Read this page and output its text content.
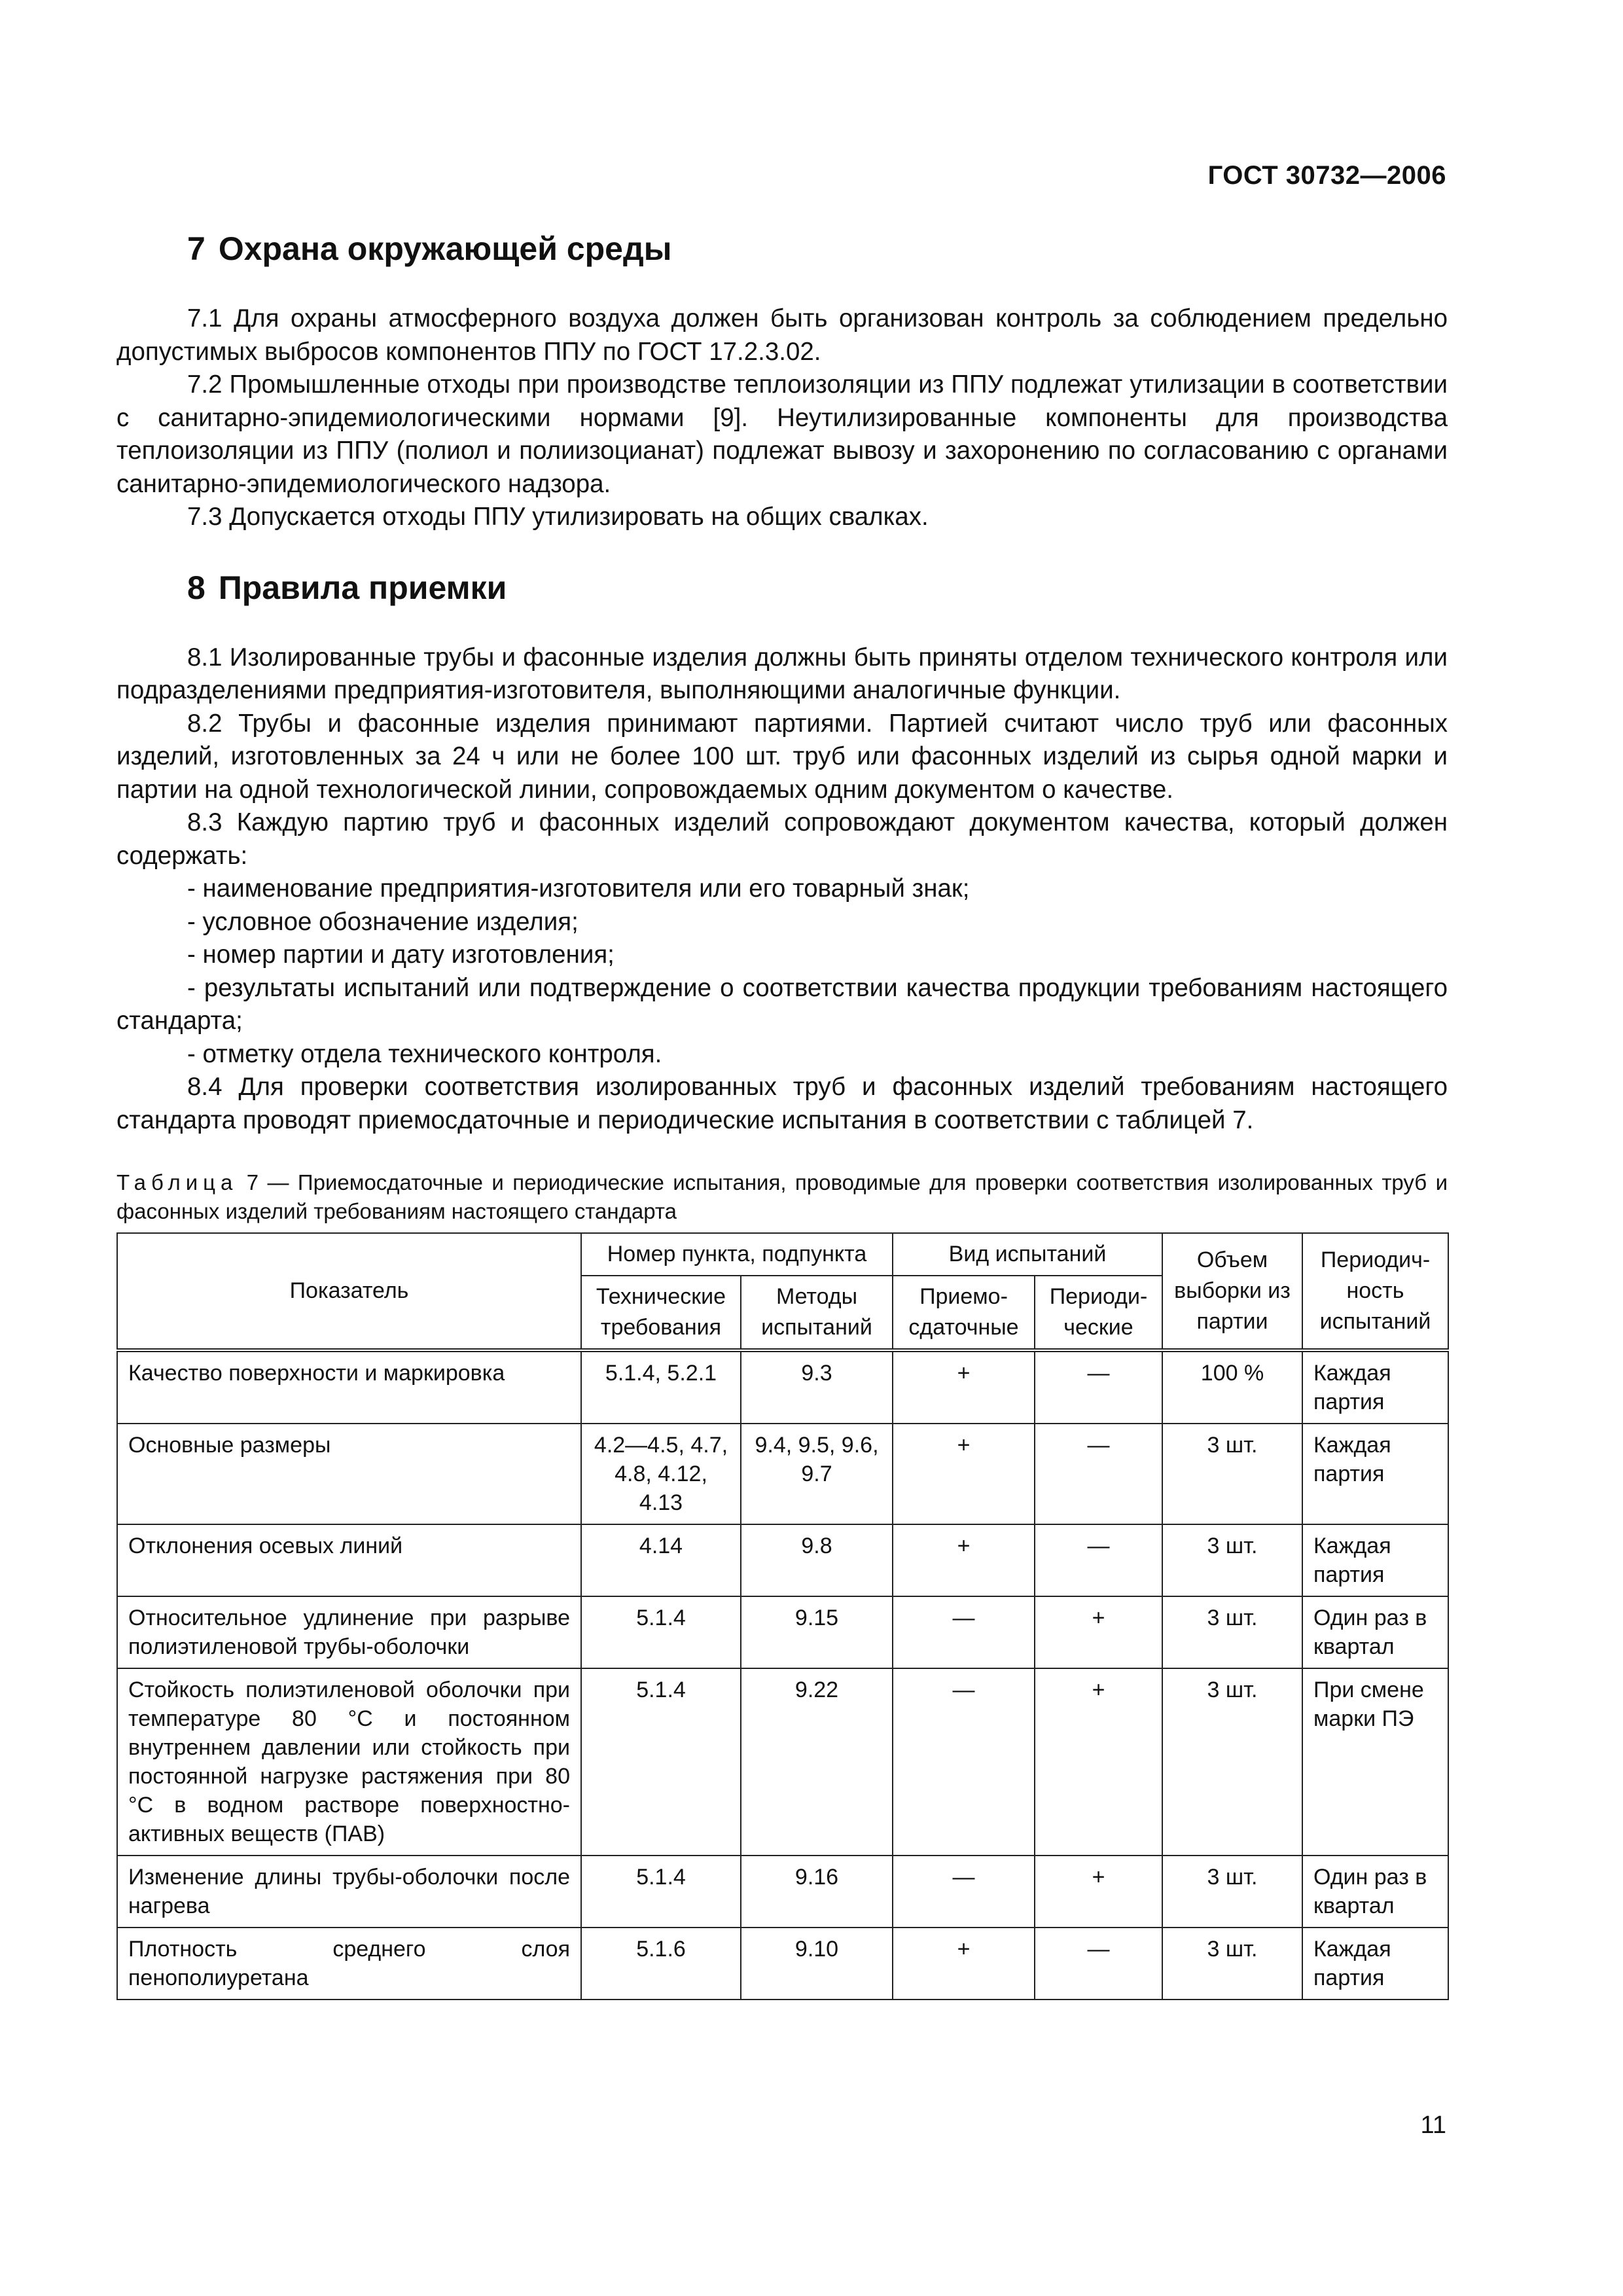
ГОСТ 30732—2006
7 Охрана окружающей среды

7.1 Для охраны атмосферного воздуха должен быть организован контроль за соблюдением предельно допустимых выбросов компонентов ППУ по ГОСТ 17.2.3.02.

7.2 Промышленные отходы при производстве теплоизоляции из ППУ подлежат утилизации в соответствии с санитарно-эпидемиологическими нормами [9]. Неутилизированные компоненты для производства теплоизоляции из ППУ (полиол и полиизоцианат) подлежат вывозу и захоронению по согласованию с органами санитарно-эпидемиологического надзора.

7.3 Допускается отходы ППУ утилизировать на общих свалках.

8 Правила приемки

8.1 Изолированные трубы и фасонные изделия должны быть приняты отделом технического контроля или подразделениями предприятия-изготовителя, выполняющими аналогичные функции.

8.2 Трубы и фасонные изделия принимают партиями. Партией считают число труб или фасонных изделий, изготовленных за 24 ч или не более 100 шт. труб или фасонных изделий из сырья одной марки и партии на одной технологической линии, сопровождаемых одним документом о качестве.

8.3 Каждую партию труб и фасонных изделий сопровождают документом качества, который должен содержать:

- наименование предприятия-изготовителя или его товарный знак;

- условное обозначение изделия;

- номер партии и дату изготовления;

- результаты испытаний или подтверждение о соответствии качества продукции требованиям настоящего стандарта;

- отметку отдела технического контроля.

8.4 Для проверки соответствия изолированных труб и фасонных изделий требованиям настоящего стандарта проводят приемосдаточные и периодические испытания в соответствии с таблицей 7.

Таблица 7 — Приемосдаточные и периодические испытания, проводимые для проверки соответствия изолированных труб и фасонных изделий требованиям настоящего стандарта
Показатель	Номер пункта, подпункта		Вид испытаний		Объем выборки из партии	Периодич-ность испытаний
	Технические требования	Методы испытаний	Приемо-сдаточные	Периоди-ческие		
Качество поверхности и маркировка	5.1.4, 5.2.1	9.3	+	—	100 %	Каждая партия
Основные размеры	4.2—4.5, 4.7, 4.8, 4.12, 4.13	9.4, 9.5, 9.6, 9.7	+	—	3 шт.	Каждая партия
Отклонения осевых линий	4.14	9.8	+	—	3 шт.	Каждая партия
Относительное удлинение при разрыве полиэтиленовой трубы-оболочки	5.1.4	9.15	—	+	3 шт.	Один раз в квартал
Стойкость полиэтиленовой оболочки при температуре 80 °С и постоянном внутреннем давлении или стойкость при постоянной нагрузке растяжения при 80 °С в водном растворе поверхностно-активных веществ (ПАВ)	5.1.4	9.22	—	+	3 шт.	При смене марки ПЭ
Изменение длины трубы-оболочки после нагрева	5.1.4	9.16	—	+	3 шт.	Один раз в квартал
Плотность среднего слоя пенополиуретана	5.1.6	9.10	+	—	3 шт.	Каждая партия
11
